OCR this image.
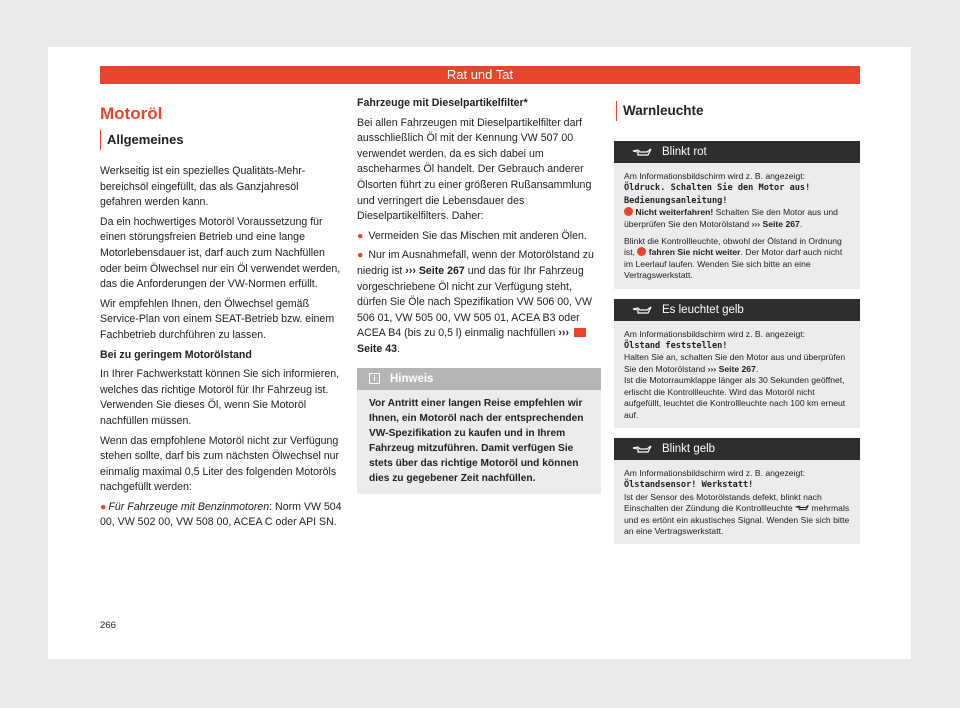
Rat und Tat
Motoröl
Allgemeines

Werkseitig ist ein spezielles Qualitäts-Mehrbereichsöl eingefüllt, das als Ganzjahresöl gefahren werden kann.

Da ein hochwertiges Motoröl Voraussetzung für einen störungsfreien Betrieb und eine lange Motorlebensdauer ist, darf auch zum Nachfüllen oder beim Ölwechsel nur ein Öl verwendet werden, das die Anforderungen der VW-Normen erfüllt.

Wir empfehlen Ihnen, den Ölwechsel gemäß Service-Plan von einem SEAT-Betrieb bzw. einem Fachbetrieb durchführen zu lassen.

Bei zu geringem Motorölstand

In Ihrer Fachwerkstatt können Sie sich informieren, welches das richtige Motoröl für Ihr Fahrzeug ist. Verwenden Sie dieses Öl, wenn Sie Motoröl nachfüllen müssen.

Wenn das empfohlene Motoröl nicht zur Verfügung stehen sollte, darf bis zum nächsten Ölwechsel nur einmalig maximal 0,5 Liter des folgenden Motoröls nachgefüllt werden:

● Für Fahrzeuge mit Benzinmotoren: Norm VW 504 00, VW 502 00, VW 508 00, ACEA C oder API SN.

Fahrzeuge mit Dieselpartikelfilter*

Bei allen Fahrzeugen mit Dieselpartikelfilter darf ausschließlich Öl mit der Kennung VW 507 00 verwendet werden, da es sich dabei um ascheharmes Öl handelt. Der Gebrauch anderer Ölsorten führt zu einer größeren Rußansammlung und verringert die Lebensdauer des Dieselpartikelfilters. Daher:

● Vermeiden Sie das Mischen mit anderen Ölen.

● Nur im Ausnahmefall, wenn der Motorölstand zu niedrig ist ››› Seite 267 und das für Ihr Fahrzeug vorgeschriebene Öl nicht zur Verfügung steht, dürfen Sie Öle nach Spezifikation VW 506 00, VW 506 01, VW 505 00, VW 505 01, ACEA B3 oder ACEA B4 (bis zu 0,5 l) einmalig nachfüllen ›››  Seite 43.

i Hinweis
Vor Antritt einer langen Reise empfehlen wir Ihnen, ein Motoröl nach der entsprechenden VW-Spezifikation zu kaufen und in Ihrem Fahrzeug mitzuführen. Damit verfügen Sie stets über das richtige Motoröl und können dies zu gegebener Zeit nachfüllen.
Warnleuchte
Blinkt rot

Am Informationsbildschirm wird z. B. angezeigt:
Öldruck. Schalten Sie den Motor aus! Bedienungsanleitung!
Nicht weiterfahren! Schalten Sie den Motor aus und überprüfen Sie den Motorölstand ››› Seite 267.

Blinkt die Kontrollleuchte, obwohl der Ölstand in Ordnung ist,  fahren Sie nicht weiter. Der Motor darf auch nicht im Leerlauf laufen. Wenden Sie sich bitte an eine Vertragswerkstatt.

Es leuchtet gelb

Am Informationsbildschirm wird z. B. angezeigt:
Ölstand feststellen!
Halten Sie an, schalten Sie den Motor aus und überprüfen Sie den Motorölstand ››› Seite 267.
Ist die Motorraumklappe länger als 30 Sekunden geöffnet, erlischt die Kontrollleuchte. Wird das Motoröl nicht aufgefüllt, leuchtet die Kontrollleuchte nach 100 km erneut auf.

Blinkt gelb

Am Informationsbildschirm wird z. B. angezeigt:
Ölstandsensor! Werkstatt!
Ist der Sensor des Motorölstands defekt, blinkt nach Einschalten der Zündung die Kontrollleuchte  mehrmals und es ertönt ein akustisches Signal. Wenden Sie sich bitte an eine Vertragswerkstatt.

266
